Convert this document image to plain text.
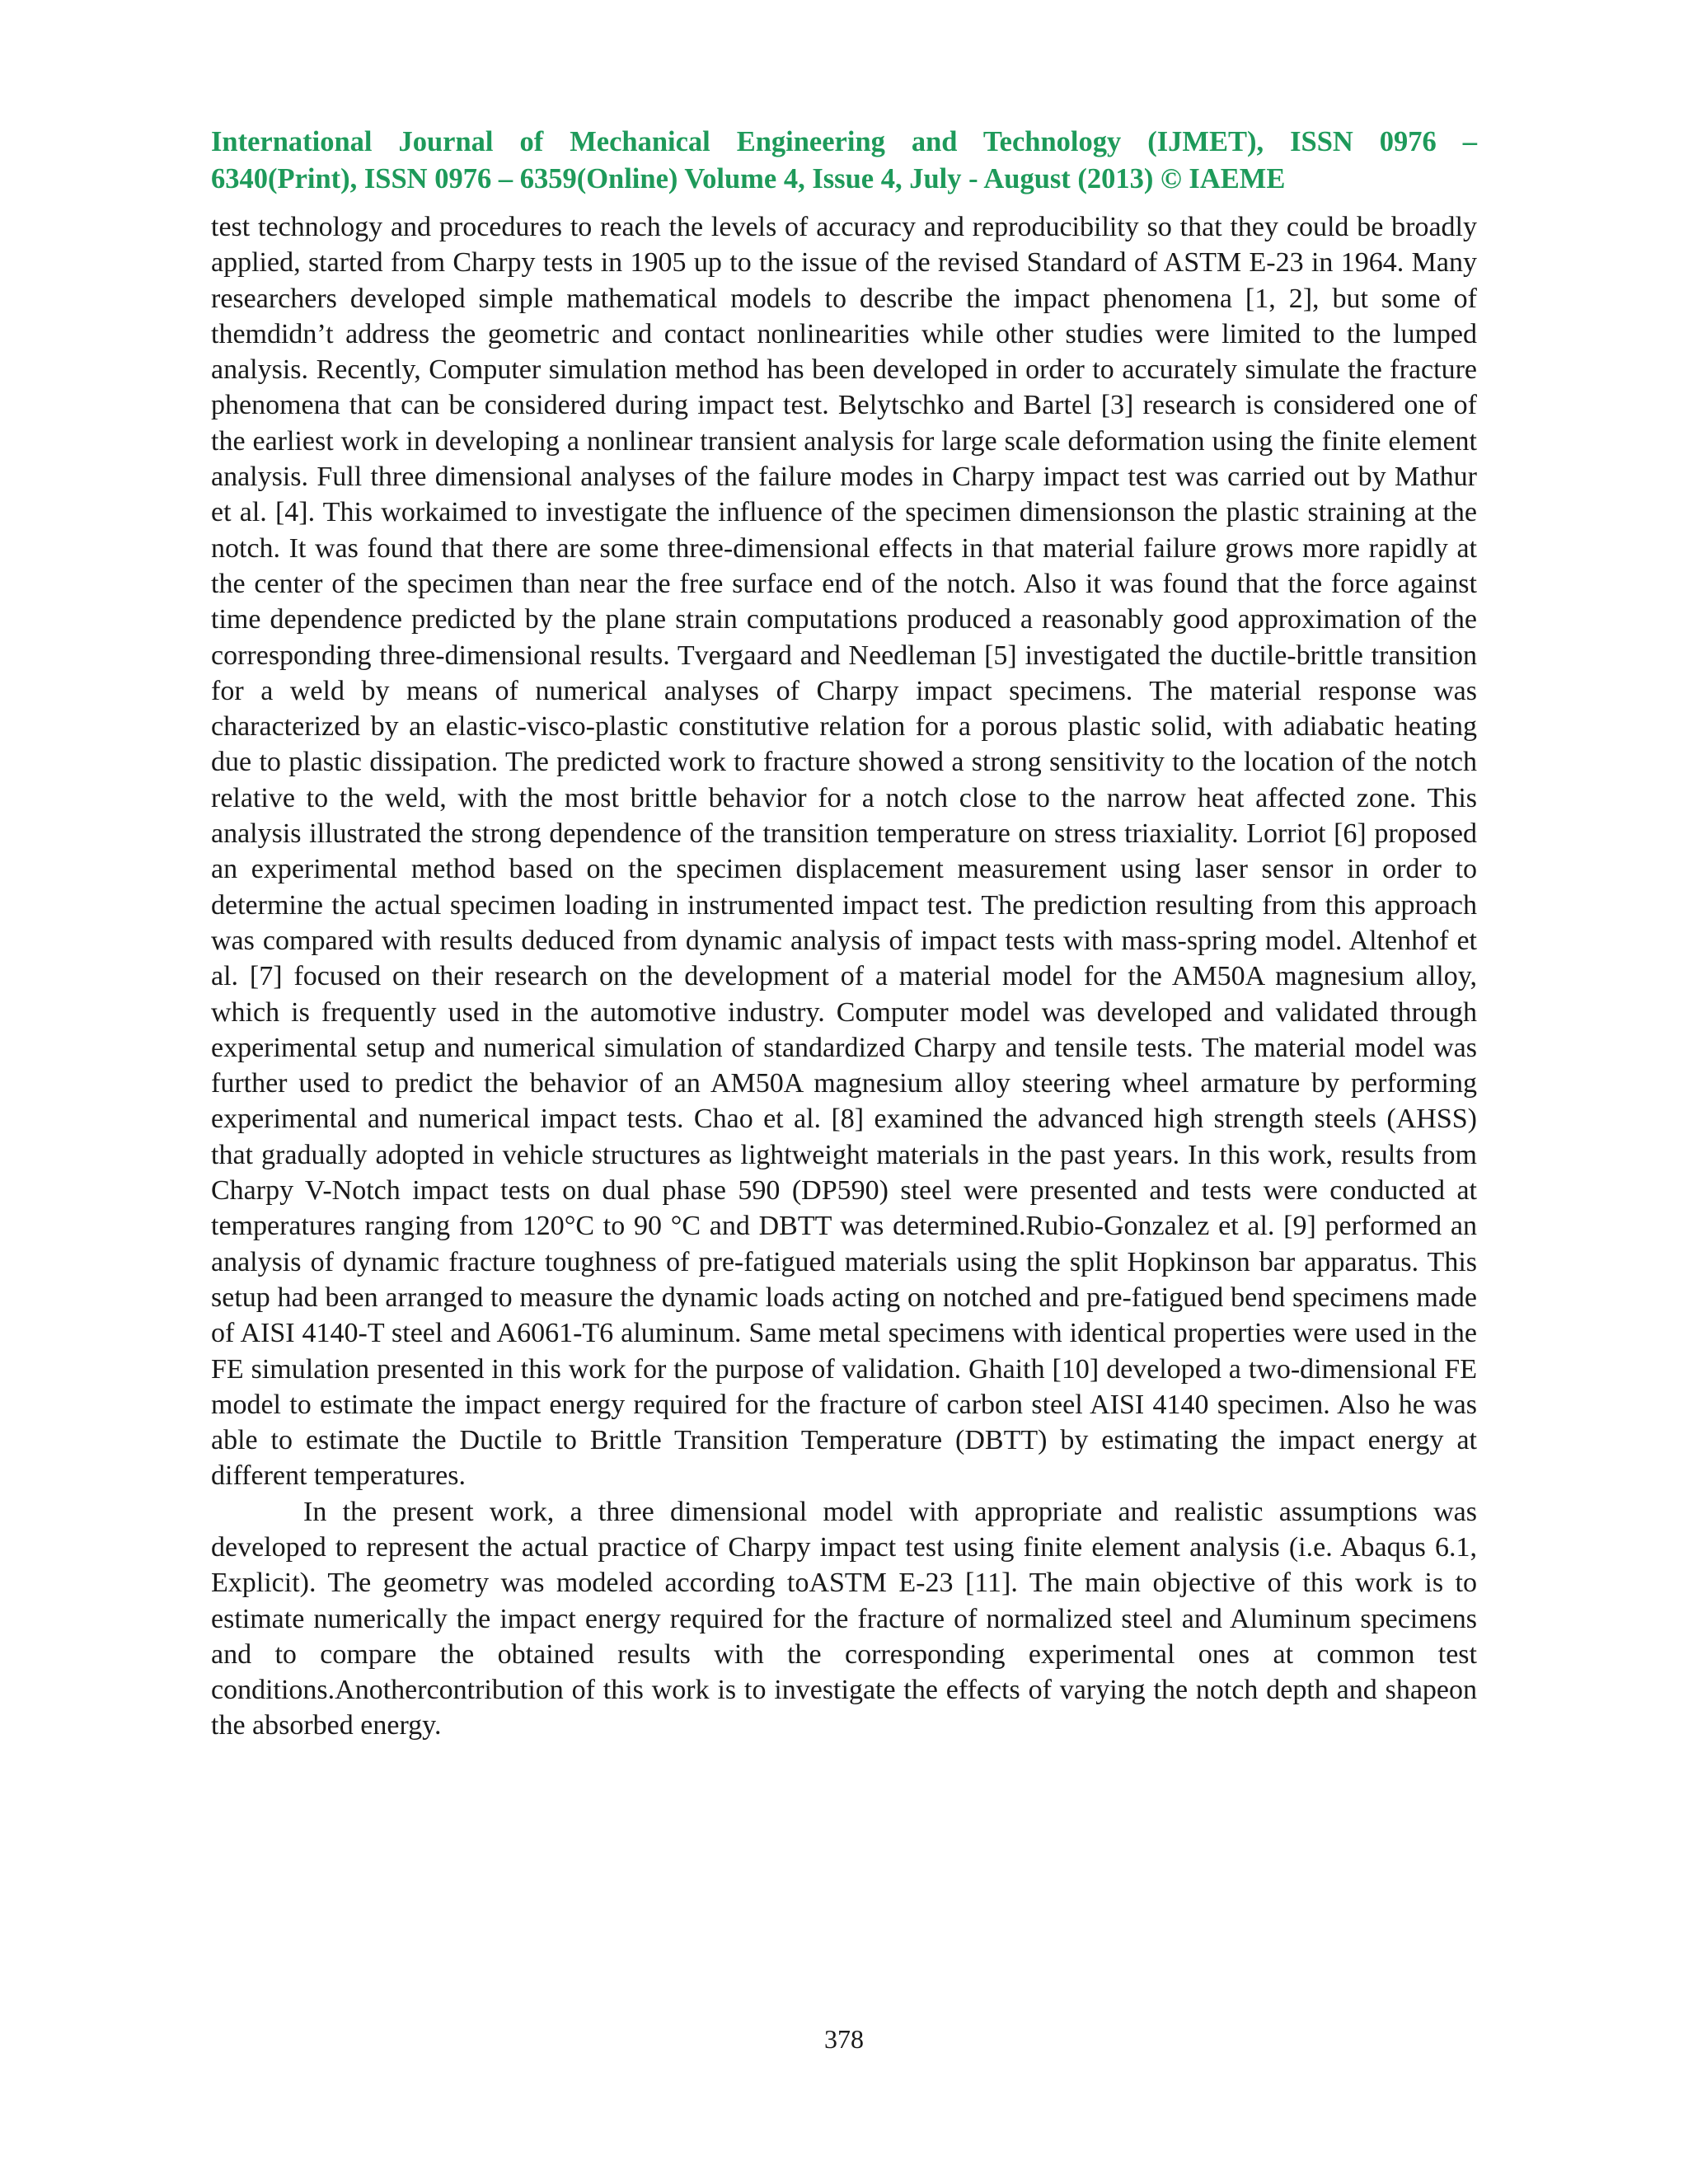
International Journal of Mechanical Engineering and Technology (IJMET), ISSN 0976 –
6340(Print), ISSN 0976 – 6359(Online) Volume 4, Issue 4, July - August (2013) © IAEME

test technology and procedures to reach the levels of accuracy and reproducibility so that they could be broadly applied, started from Charpy tests in 1905 up to the issue of the revised Standard of ASTM E-23 in 1964. Many researchers developed simple mathematical models to describe the impact phenomena [1, 2], but some of themdidn’t address the geometric and contact nonlinearities while other studies were limited to the lumped analysis. Recently, Computer simulation method has been developed in order to accurately simulate the fracture phenomena that can be considered during impact test. Belytschko and Bartel [3] research is considered one of the earliest work in developing a nonlinear transient analysis for large scale deformation using the finite element analysis. Full three dimensional analyses of the failure modes in Charpy impact test was carried out by Mathur et al. [4]. This workaimed to investigate the influence of the specimen dimensionson the plastic straining at the notch. It was found that there are some three-dimensional effects in that material failure grows more rapidly at the center of the specimen than near the free surface end of the notch. Also it was found that the force against time dependence predicted by the plane strain computations produced a reasonably good approximation of the corresponding three-dimensional results. Tvergaard and Needleman [5] investigated the ductile-brittle transition for a weld by means of numerical analyses of Charpy impact specimens. The material response was characterized by an elastic-visco-plastic constitutive relation for a porous plastic solid, with adiabatic heating due to plastic dissipation. The predicted work to fracture showed a strong sensitivity to the location of the notch relative to the weld, with the most brittle behavior for a notch close to the narrow heat affected zone. This analysis illustrated the strong dependence of the transition temperature on stress triaxiality. Lorriot [6] proposed an experimental method based on the specimen displacement measurement using laser sensor in order to determine the actual specimen loading in instrumented impact test. The prediction resulting from this approach was compared with results deduced from dynamic analysis of impact tests with mass-spring model. Altenhof et al. [7] focused on their research on the development of a material model for the AM50A magnesium alloy, which is frequently used in the automotive industry. Computer model was developed and validated through experimental setup and numerical simulation of standardized Charpy and tensile tests. The material model was further used to predict the behavior of an AM50A magnesium alloy steering wheel armature by performing experimental and numerical impact tests. Chao et al. [8] examined the advanced high strength steels (AHSS) that gradually adopted in vehicle structures as lightweight materials in the past years. In this work, results from Charpy V-Notch impact tests on dual phase 590 (DP590) steel were presented and tests were conducted at temperatures ranging from 120°C to 90 °C and DBTT was determined.Rubio-Gonzalez et al. [9] performed an analysis of dynamic fracture toughness of pre-fatigued materials using the split Hopkinson bar apparatus. This setup had been arranged to measure the dynamic loads acting on notched and pre-fatigued bend specimens made of AISI 4140-T steel and A6061-T6 aluminum. Same metal specimens with identical properties were used in the FE simulation presented in this work for the purpose of validation. Ghaith [10] developed a two-dimensional FE model to estimate the impact energy required for the fracture of carbon steel AISI 4140 specimen. Also he was able to estimate the Ductile to Brittle Transition Temperature (DBTT) by estimating the impact energy at different temperatures.

In the present work, a three dimensional model with appropriate and realistic assumptions was developed to represent the actual practice of Charpy impact test using finite element analysis (i.e. Abaqus 6.1, Explicit). The geometry was modeled according toASTM E-23 [11]. The main objective of this work is to estimate numerically the impact energy required for the fracture of normalized steel and Aluminum specimens and to compare the obtained results with the corresponding experimental ones at common test conditions.Anothercontribution of this work is to investigate the effects of varying the notch depth and shapeon the absorbed energy.

378
